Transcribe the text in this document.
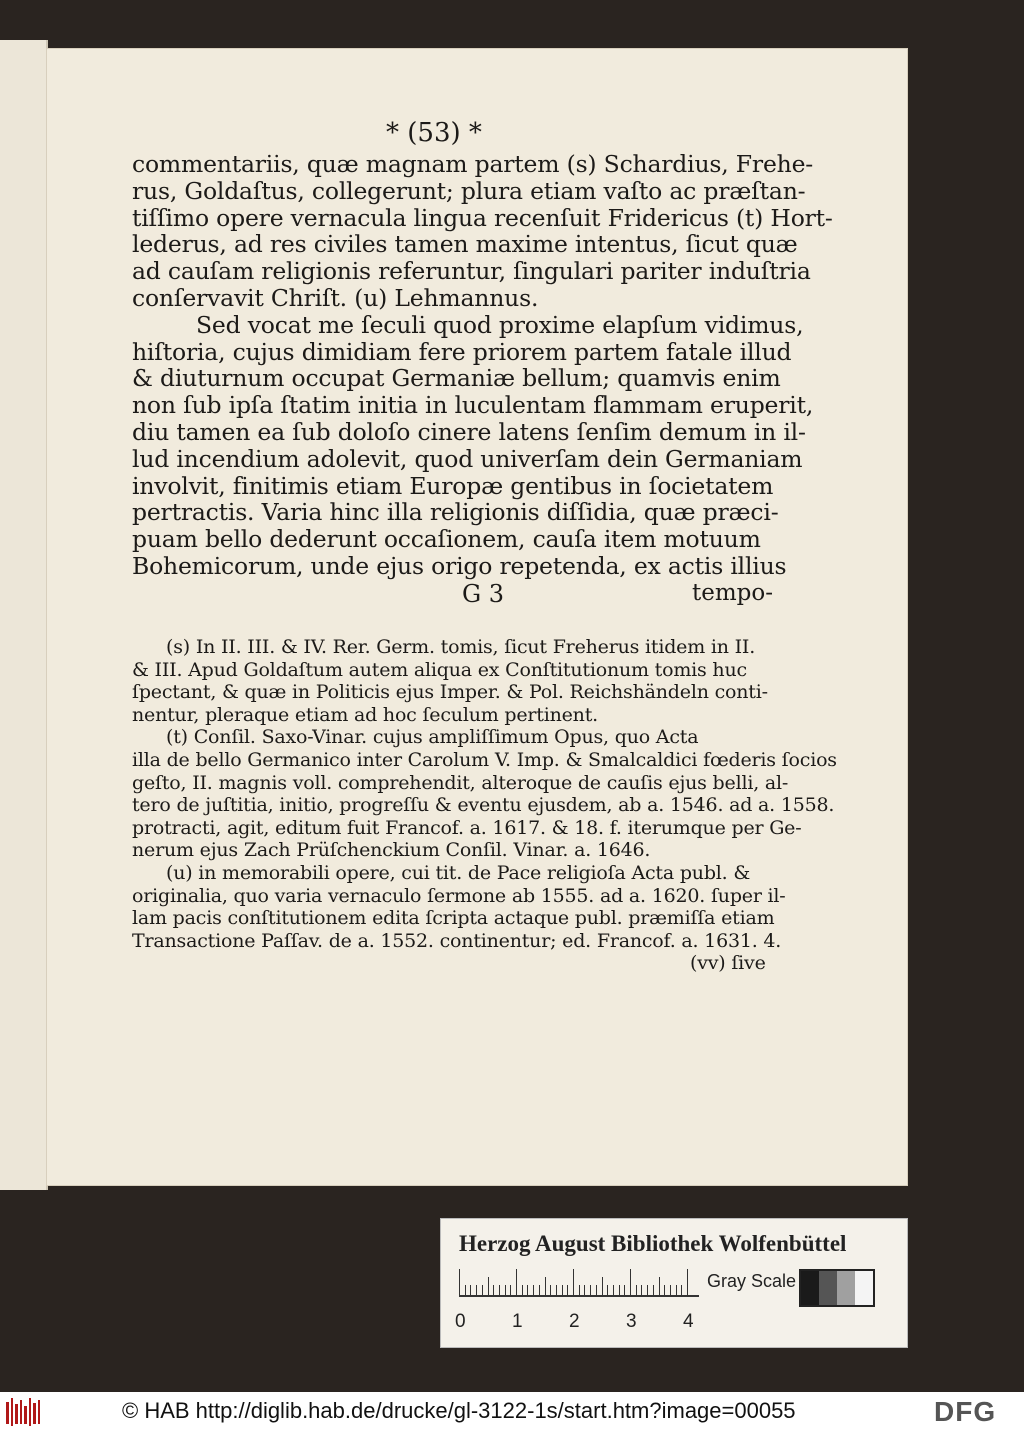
* (53) *
commentariis, quæ magnam partem (s) Schardius, Frehe-
rus, Goldaſtus, collegerunt; plura etiam vaſto ac præſtan-
tiſſimo opere vernacula lingua recenſuit Fridericus (t) Hort-
lederus, ad res civiles tamen maxime intentus, ſicut quæ
ad cauſam religionis referuntur, ſingulari pariter induſtria
conſervavit Chriſt. (u) Lehmannus.
Sed vocat me ſeculi quod proxime elapſum vidimus,
hiſtoria, cujus dimidiam fere priorem partem fatale illud
& diuturnum occupat Germaniæ bellum; quamvis enim
non ſub ipſa ſtatim initia in luculentam flammam eruperit,
diu tamen ea ſub doloſo cinere latens ſenſim demum in il-
lud incendium adolevit, quod univerſam dein Germaniam
involvit, finitimis etiam Europæ gentibus in ſocietatem
pertractis. Varia hinc illa religionis diſſidia, quæ præci-
puam bello dederunt occaſionem, cauſa item motuum
Bohemicorum, unde ejus origo repetenda, ex actis illius
G 3	tempo-
(s) In II. III. & IV. Rer. Germ. tomis, ſicut Freherus itidem in II.
& III. Apud Goldaſtum autem aliqua ex Conſtitutionum tomis huc
ſpectant, & quæ in Politicis ejus Imper. & Pol. Reichshändeln conti-
nentur, pleraque etiam ad hoc ſeculum pertinent.
(t) Conſil. Saxo-Vinar. cujus ampliſſimum Opus, quo Acta
illa de bello Germanico inter Carolum V. Imp. & Smalcaldici fœderis ſocios
geſto, II. magnis voll. comprehendit, alteroque de cauſis ejus belli, al-
tero de juſtitia, initio, progreſſu & eventu ejusdem, ab a. 1546. ad a. 1558.
protracti, agit, editum fuit Francof. a. 1617. & 18. f. iterumque per Ge-
nerum ejus Zach Prüſchenckium Conſil. Vinar. a. 1646.
(u) in memorabili opere, cui tit. de Pace religioſa Acta publ. &
originalia, quo varia vernaculo ſermone ab 1555. ad a. 1620. ſuper il-
lam pacis conſtitutionem edita ſcripta actaque publ. præmiſſa etiam
Transactione Paſſav. de a. 1552. continentur; ed. Francof. a. 1631. 4.
(vv) ſive
Herzog August Bibliothek Wolfenbüttel
0 1 2 3 4
Gray Scale
© HAB http://diglib.hab.de/drucke/gl-3122-1s/start.htm?image=00055	DFG
